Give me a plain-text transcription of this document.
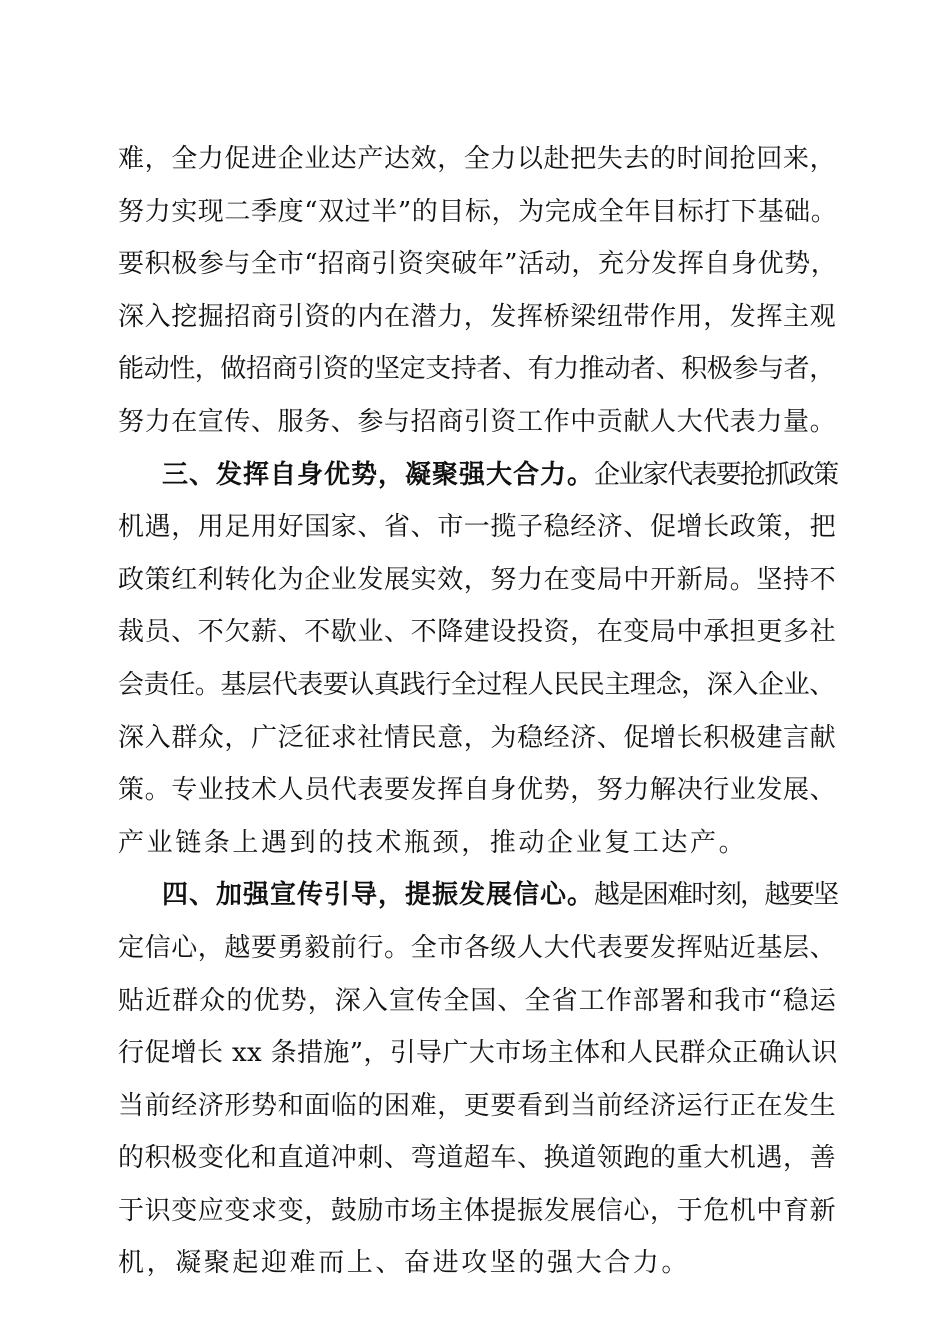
难，全力促进企业达产达效，全力以赴把失去的时间抢回来，
努力实现二季度“双过半”的目标，为完成全年目标打下基础。
要积极参与全市“招商引资突破年”活动，充分发挥自身优势，
深入挖掘招商引资的内在潜力，发挥桥梁纽带作用，发挥主观
能动性，做招商引资的坚定支持者、有力推动者、积极参与者，
努力在宣传、服务、参与招商引资工作中贡献人大代表力量。
三、发挥自身优势，凝聚强大合力。企业家代表要抢抓政策
机遇，用足用好国家、省、市一揽子稳经济、促增长政策，把
政策红利转化为企业发展实效，努力在变局中开新局。坚持不
裁员、不欠薪、不歇业、不降建设投资，在变局中承担更多社
会责任。基层代表要认真践行全过程人民民主理念，深入企业、
深入群众，广泛征求社情民意，为稳经济、促增长积极建言献
策。专业技术人员代表要发挥自身优势，努力解决行业发展、
产业链条上遇到的技术瓶颈，推动企业复工达产。
四、加强宣传引导，提振发展信心。越是困难时刻，越要坚
定信心，越要勇毅前行。全市各级人大代表要发挥贴近基层、
贴近群众的优势，深入宣传全国、全省工作部署和我市“稳运
行促增长 xx 条措施”，引导广大市场主体和人民群众正确认识
当前经济形势和面临的困难，更要看到当前经济运行正在发生
的积极变化和直道冲刺、弯道超车、换道领跑的重大机遇，善
于识变应变求变，鼓励市场主体提振发展信心，于危机中育新
机，凝聚起迎难而上、奋进攻坚的强大合力。
